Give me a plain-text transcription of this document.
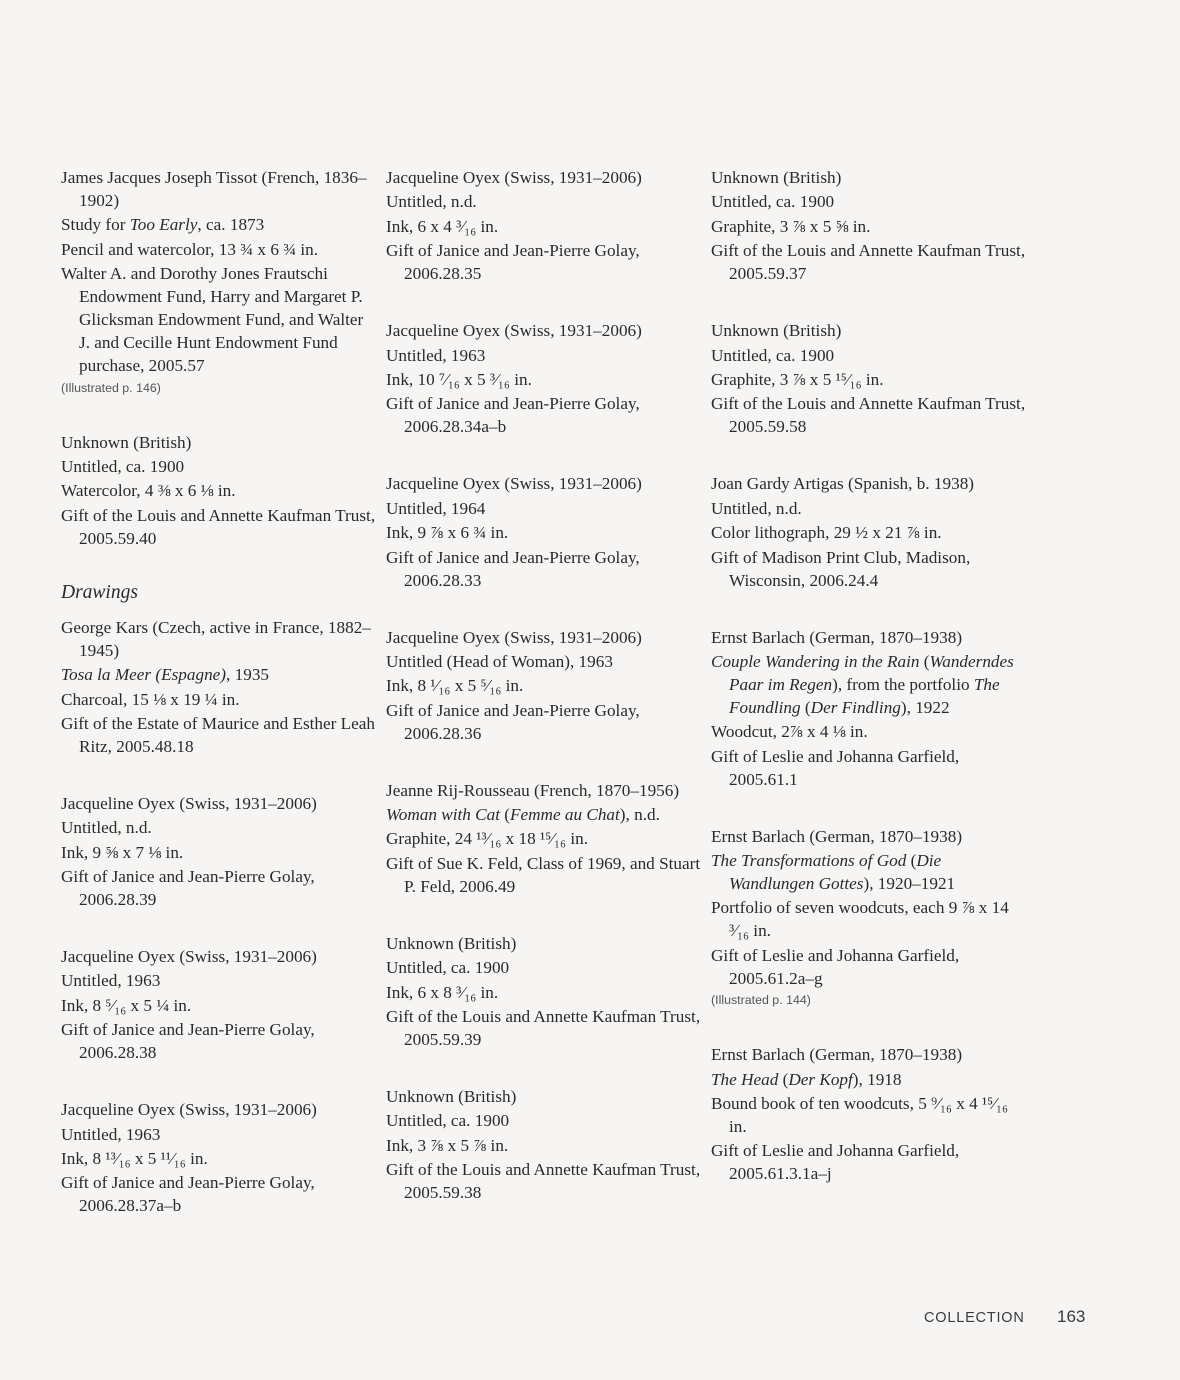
James Jacques Joseph Tissot (French, 1836–1902)
Study for Too Early, ca. 1873
Pencil and watercolor, 13 ¾ x 6 ¾ in.
Walter A. and Dorothy Jones Frautschi Endowment Fund, Harry and Margaret P. Glicksman Endowment Fund, and Walter J. and Cecille Hunt Endowment Fund purchase, 2005.57
(Illustrated p. 146)
Unknown (British)
Untitled, ca. 1900
Watercolor, 4 ⅜ x 6 ⅛ in.
Gift of the Louis and Annette Kaufman Trust, 2005.59.40
Drawings
George Kars (Czech, active in France, 1882–1945)
Tosa la Meer (Espagne), 1935
Charcoal, 15 ⅛ x 19 ¼ in.
Gift of the Estate of Maurice and Esther Leah Ritz, 2005.48.18
Jacqueline Oyex (Swiss, 1931–2006)
Untitled, n.d.
Ink, 9 ⅝ x 7 ⅛ in.
Gift of Janice and Jean-Pierre Golay, 2006.28.39
Jacqueline Oyex (Swiss, 1931–2006)
Untitled, 1963
Ink, 8 ⁵⁄₁₆ x 5 ¼ in.
Gift of Janice and Jean-Pierre Golay, 2006.28.38
Jacqueline Oyex (Swiss, 1931–2006)
Untitled, 1963
Ink, 8 ¹³⁄₁₆ x 5 ¹¹⁄₁₆ in.
Gift of Janice and Jean-Pierre Golay, 2006.28.37a–b
Jacqueline Oyex (Swiss, 1931–2006)
Untitled, n.d.
Ink, 6 x 4 ³⁄₁₆ in.
Gift of Janice and Jean-Pierre Golay, 2006.28.35
Jacqueline Oyex (Swiss, 1931–2006)
Untitled, 1963
Ink, 10 ⁷⁄₁₆ x 5 ³⁄₁₆ in.
Gift of Janice and Jean-Pierre Golay, 2006.28.34a–b
Jacqueline Oyex (Swiss, 1931–2006)
Untitled, 1964
Ink, 9 ⅞ x 6 ¾ in.
Gift of Janice and Jean-Pierre Golay, 2006.28.33
Jacqueline Oyex (Swiss, 1931–2006)
Untitled (Head of Woman), 1963
Ink, 8 ¹⁄₁₆ x 5 ⁵⁄₁₆ in.
Gift of Janice and Jean-Pierre Golay, 2006.28.36
Jeanne Rij-Rousseau (French, 1870–1956)
Woman with Cat (Femme au Chat), n.d.
Graphite, 24 ¹³⁄₁₆ x 18 ¹⁵⁄₁₆ in.
Gift of Sue K. Feld, Class of 1969, and Stuart P. Feld, 2006.49
Unknown (British)
Untitled, ca. 1900
Ink, 6 x 8 ³⁄₁₆ in.
Gift of the Louis and Annette Kaufman Trust, 2005.59.39
Unknown (British)
Untitled, ca. 1900
Ink, 3 ⅞ x 5 ⅞ in.
Gift of the Louis and Annette Kaufman Trust, 2005.59.38
Unknown (British)
Untitled, ca. 1900
Graphite, 3 ⅞ x 5 ⅝ in.
Gift of the Louis and Annette Kaufman Trust, 2005.59.37
Unknown (British)
Untitled, ca. 1900
Graphite, 3 ⅞ x 5 ¹⁵⁄₁₆ in.
Gift of the Louis and Annette Kaufman Trust, 2005.59.58
Joan Gardy Artigas (Spanish, b. 1938)
Untitled, n.d.
Color lithograph, 29 ½ x 21 ⅞ in.
Gift of Madison Print Club, Madison, Wisconsin, 2006.24.4
Ernst Barlach (German, 1870–1938)
Couple Wandering in the Rain (Wanderndes Paar im Regen), from the portfolio The Foundling (Der Findling), 1922
Woodcut, 2⅞ x 4 ⅛ in.
Gift of Leslie and Johanna Garfield, 2005.61.1
Ernst Barlach (German, 1870–1938)
The Transformations of God (Die Wandlungen Gottes), 1920–1921
Portfolio of seven woodcuts, each 9 ⅞ x 14 ³⁄₁₆ in.
Gift of Leslie and Johanna Garfield, 2005.61.2a–g
(Illustrated p. 144)
Ernst Barlach (German, 1870–1938)
The Head (Der Kopf), 1918
Bound book of ten woodcuts, 5 ⁹⁄₁₆ x 4 ¹⁵⁄₁₆ in.
Gift of Leslie and Johanna Garfield, 2005.61.3.1a–j
COLLECTION 163
